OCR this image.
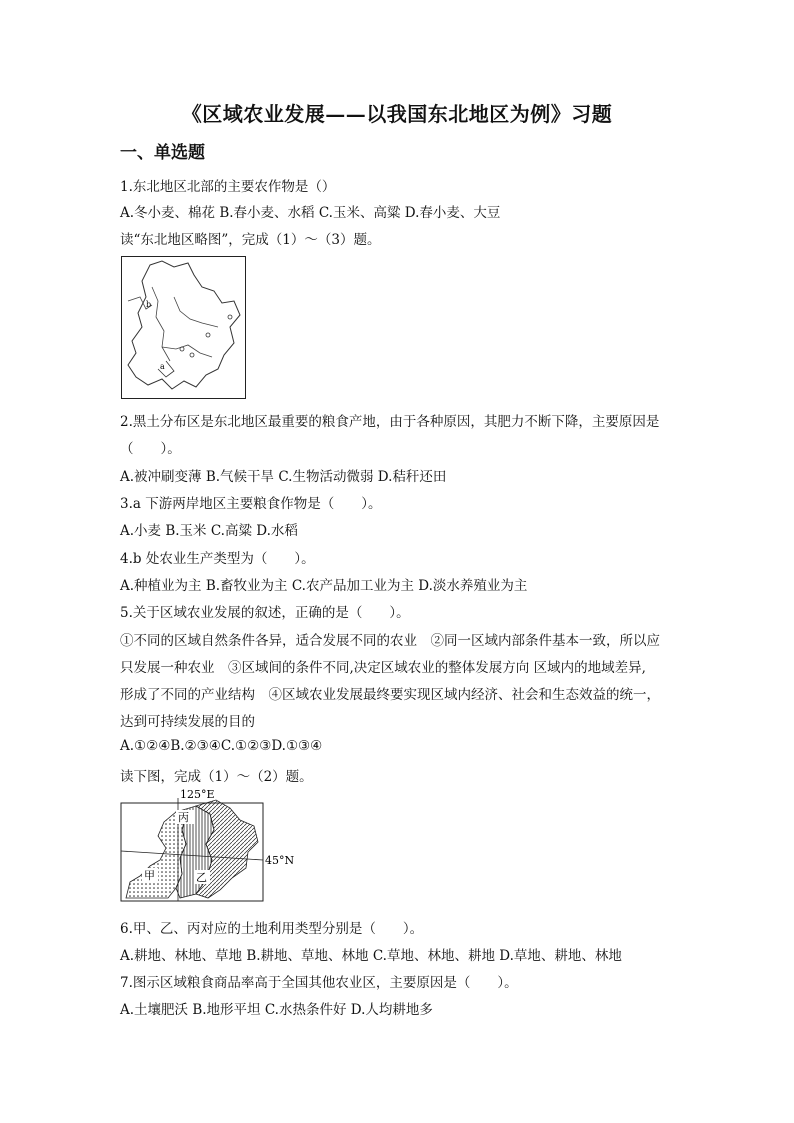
《区域农业发展——以我国东北地区为例》习题
一、单选题
1.东北地区北部的主要农作物是（）
A.冬小麦、棉花 B.春小麦、水稻 C.玉米、高粱 D.春小麦、大豆
读“东北地区略图”，完成（1）～（3）题。
b
a
2.黑土分布区是东北地区最重要的粮食产地，由于各种原因，其肥力不断下降，主要原因是
（　　）。
A.被冲刷变薄 B.气候干旱 C.生物活动微弱 D.秸秆还田
3.a 下游两岸地区主要粮食作物是（　　）。
A.小麦 B.玉米 C.高粱 D.水稻
4.b 处农业生产类型为（　　）。
A.种植业为主 B.畜牧业为主 C.农产品加工业为主 D.淡水养殖业为主
5.关于区域农业发展的叙述，正确的是（　　）。
①不同的区域自然条件各异，适合发展不同的农业　②同一区域内部条件基本一致，所以应
只发展一种农业　③区域间的条件不同,决定区域农业的整体发展方向 区域内的地域差异,
形成了不同的产业结构　④区域农业发展最终要实现区域内经济、社会和生态效益的统一，
达到可持续发展的目的
A.①②④B.②③④C.①②③D.①③④
读下图，完成（1）～（2）题。
丙
乙
甲
125°E
45°N
6.甲、乙、丙对应的土地利用类型分别是（　　）。
A.耕地、林地、草地 B.耕地、草地、林地 C.草地、林地、耕地 D.草地、耕地、林地
7.图示区域粮食商品率高于全国其他农业区，主要原因是（　　）。
A.土壤肥沃 B.地形平坦 C.水热条件好 D.人均耕地多
